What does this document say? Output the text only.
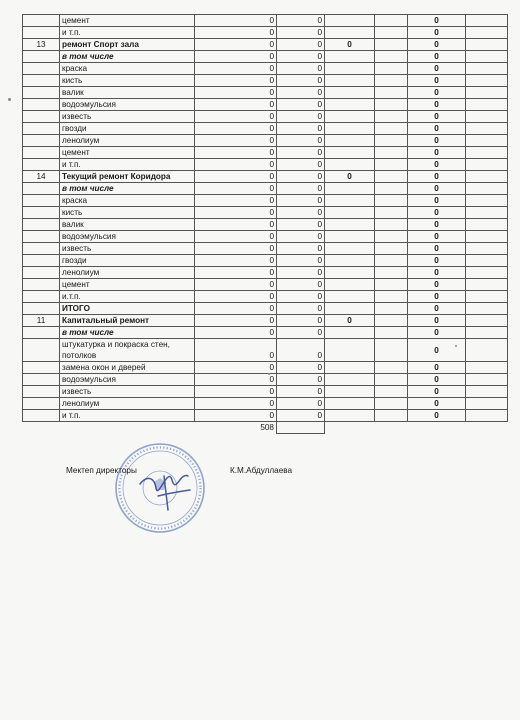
	цемент	0	0			0	
	и т.п.	0	0			0	
13	ремонт Спорт зала	0	0	0		0	
	в том числе	0	0			0	
	краска	0	0			0	
	кисть	0	0			0	
	валик	0	0			0	
	водоэмульсия	0	0			0	
	известь	0	0			0	
	гвозди	0	0			0	
	ленолиум	0	0			0	
	цемент	0	0			0	
	и т.п.	0	0			0	
14	Текущий ремонт Коридора	0	0	0		0	
	в том числе	0	0			0	
	краска	0	0			0	
	кисть	0	0			0	
	валик	0	0			0	
	водоэмульсия	0	0			0	
	известь	0	0			0	
	гвозди	0	0			0	
	ленолиум	0	0			0	
	цемент	0	0			0	
	и.т.п.	0	0			0	
	ИТОГО	0	0			0	
11	Капитальный ремонт	0	0	0		0	
	в том числе	0	0			0	
	штукатурка и покраска стен, потолков	0	0			0	
	замена окон и дверей	0	0			0	
	водоэмульсия	0	0			0	
	известь	0	0			0	
	ленолиум	0	0			0	
	и т.п.	0	0			0	
		508					
Мектеп директоры	К.М.Абдуллаева
